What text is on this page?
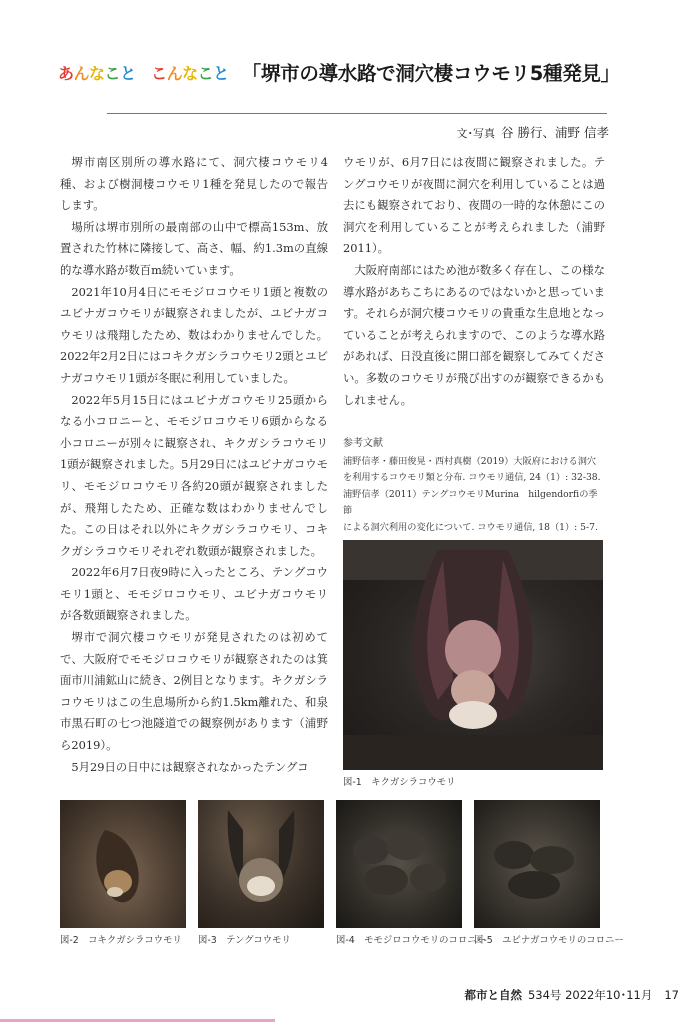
あんなこと　 こんなこと 「堺市の導水路で洞穴棲コウモリ5種発見」
文･写真 谷 勝行、浦野 信孝

堺市南区別所の導水路にて、洞穴棲コウモリ4種、および樹洞棲コウモリ1種を発見したので報告します。

場所は堺市別所の最南部の山中で標高153m、放置された竹林に隣接して、高さ、幅、約1.3mの直線的な導水路が数百m続いています。

2021年10月4日にモモジロコウモリ1頭と複数のユビナガコウモリが観察されましたが、ユビナガコウモリは飛翔したため、数はわかりませんでした。2022年2月2日にはコキクガシラコウモリ2頭とユビナガコウモリ1頭が冬眠に利用していました。

2022年5月15日にはユビナガコウモリ25頭からなる小コロニーと、モモジロコウモリ6頭からなる小コロニーが別々に観察され、キクガシラコウモリ1頭が観察されました。5月29日にはユビナガコウモリ、モモジロコウモリ各約20頭が観察されましたが、飛翔したため、正確な数はわかりませんでした。この日はそれ以外にキクガシラコウモリ、コキクガシラコウモリそれぞれ数頭が観察されました。

2022年6月7日夜9時に入ったところ、テングコウモリ1頭と、モモジロコウモリ、ユビナガコウモリが各数頭観察されました。

堺市で洞穴棲コウモリが発見されたのは初めてで、大阪府でモモジロコウモリが観察されたのは箕面市川浦鉱山に続き、2例目となります。キクガシラコウモリはこの生息場所から約1.5km離れた、和泉市黒石町の七つ池隧道での観察例があります（浦野ら2019）。

5月29日の日中には観察されなかったテングコ

ウモリが、6月7日には夜間に観察されました。テングコウモリが夜間に洞穴を利用していることは過去にも観察されており、夜間の一時的な休憩にこの洞穴を利用していることが考えられました（浦野2011）。

大阪府南部にはため池が数多く存在し、この様な導水路があちこちにあるのではないかと思っています。それらが洞穴棲コウモリの貴重な生息地となっていることが考えられますので、このような導水路があれば、日没直後に開口部を観察してみてください。多数のコウモリが飛び出すのが観察できるかもしれません。

参考文献
浦野信孝・藤田俊晃・西村真樹（2019）大阪府における洞穴
を利用するコウモリ類と分布. コウモリ通信, 24（1）: 32-38.
浦野信孝（2011）テングコウモリMurina　hilgendorfiの季節
による洞穴利用の変化について. コウモリ通信, 18（1）: 5-7.
図-1　キクガシラコウモリ
図-2　コキクガシラコウモリ 図-3　テングコウモリ	図-4　モモジロコウモリのコロニー
図-5　ユビナガコウモリのコロニー
都市と自然 534号 2022年10･11月 17
